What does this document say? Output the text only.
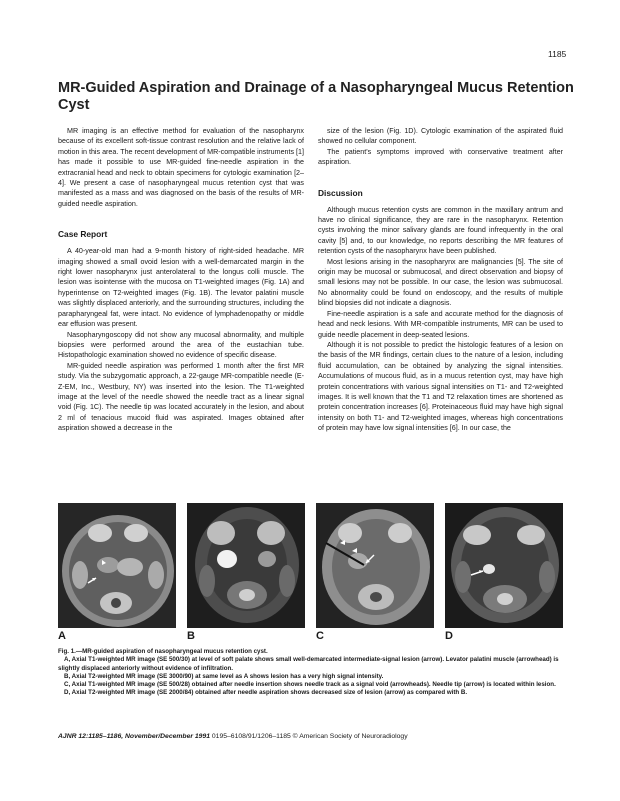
1185
MR-Guided Aspiration and Drainage of a Nasopharyngeal Mucus Retention Cyst

MR imaging is an effective method for evaluation of the nasopharynx because of its excellent soft-tissue contrast resolution and the relative lack of motion in this area. The recent development of MR-compatible instruments [1] has made it possible to use MR-guided fine-needle aspiration in the extracranial head and neck to obtain specimens for cytologic examination [2–4]. We present a case of nasopharyngeal mucus retention cyst that was manifested as a mass and was diagnosed on the basis of the results of MR-guided needle aspiration.

Case Report

A 40-year-old man had a 9-month history of right-sided headache. MR imaging showed a small ovoid lesion with a well-demarcated margin in the right lower nasopharynx just anterolateral to the longus colli muscle. The lesion was isointense with the mucosa on T1-weighted images (Fig. 1A) and hyperintense on T2-weighted images (Fig. 1B). The levator palatini muscle was slightly displaced anteriorly, and the surrounding structures, including the parapharyngeal fat, were intact. No evidence of lymphadenopathy or middle ear effusion was present.

Nasopharyngoscopy did not show any mucosal abnormality, and multiple biopsies were performed around the area of the eustachian tube. Histopathologic examination showed no evidence of specific disease.

MR-guided needle aspiration was performed 1 month after the first MR study. Via the subzygomatic approach, a 22-gauge MR-compatible needle (E-Z-EM, Inc., Westbury, NY) was inserted into the lesion. The T1-weighted image at the level of the needle showed the needle tract as a linear signal void (Fig. 1C). The needle tip was located accurately in the lesion, and about 2 ml of tenacious mucoid fluid was aspirated. Images obtained after aspiration showed a decrease in the

size of the lesion (Fig. 1D). Cytologic examination of the aspirated fluid showed no cellular component.

The patient’s symptoms improved with conservative treatment after aspiration.

Discussion

Although mucus retention cysts are common in the maxillary antrum and have no clinical significance, they are rare in the nasopharynx. Retention cysts involving the minor salivary glands are found infrequently in the oral cavity [5] and, to our knowledge, no reports describing the MR features of retention cysts of the nasopharynx have been published.

Most lesions arising in the nasopharynx are malignancies [5]. The site of origin may be mucosal or submucosal, and direct observation and biopsy of small lesions may not be possible. In our case, the lesion was submucosal. No abnormality could be found on endoscopy, and the results of multiple blind biopsies did not indicate a diagnosis.

Fine-needle aspiration is a safe and accurate method for the diagnosis of head and neck lesions. With MR-compatible instruments, MR can be used to guide needle placement in deep-seated lesions.

Although it is not possible to predict the histologic features of a lesion on the basis of the MR findings, certain clues to the nature of a lesion, including fluid accumulation, can be obtained by analyzing the signal intensities. Accumulations of mucous fluid, as in a mucus retention cyst, may have high protein concentrations with various signal intensities on T1- and T2-weighted images. It is well known that the T1 and T2 relaxation times are shortened as protein concentration increases [6]. Proteinaceous fluid may have high signal intensity on both T1- and T2-weighted images, whereas high concentrations of protein may have low signal intensities [6]. In our case, the

A	B	C	D

Fig. 1.—MR-guided aspiration of nasopharyngeal mucus retention cyst.

A, Axial T1-weighted MR image (SE 500/30) at level of soft palate shows small well-demarcated intermediate-signal lesion (arrow). Levator palatini muscle (arrowhead) is slightly displaced anteriorly without evidence of infiltration.

B, Axial T2-weighted MR image (SE 3000/90) at same level as A shows lesion has a very high signal intensity.

C, Axial T1-weighted MR image (SE 500/28) obtained after needle insertion shows needle track as a signal void (arrowheads). Needle tip (arrow) is located within lesion.

D, Axial T2-weighted MR image (SE 2000/84) obtained after needle aspiration shows decreased size of lesion (arrow) as compared with B.

AJNR 12:1185–1186, November/December 1991 0195–6108/91/1206–1185 © American Society of Neuroradiology
